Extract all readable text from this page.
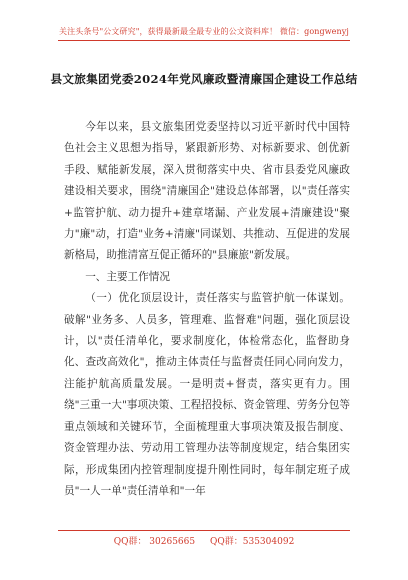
关注头条号"公文研究"，获得最新最全最专业的公文资料库！ 微信：gongwenyj
县文旅集团党委2024年党风廉政暨清廉国企建设工作总结

今年以来，县文旅集团党委坚持以习近平新时代中国特色社会主义思想为指导，紧跟新形势、对标新要求、创优新手段、赋能新发展，深入贯彻落实中央、省市县委党风廉政建设相关要求，围绕"清廉国企"建设总体部署，以"责任落实+监管护航、动力提升+建章堵漏、产业发展+清廉建设"聚力"廉"动，打造"业务+清廉"同谋划、共推动、互促进的发展新格局，助推清富互促正循环的"县廉旅"新发展。

一、主要工作情况

（一）优化顶层设计，责任落实与监管护航一体谋划。破解"业务多、人员多，管理难、监督难"问题，强化顶层设计，以"责任清单化，要求制度化，体检常态化，监督助身化、查改高效化"，推动主体责任与监督责任同心同向发力，注能护航高质量发展。一是明责+督责，落实更有力。围绕"三重一大"事项决策、工程招投标、资金管理、劳务分包等重点领域和关键环节，全面梳理重大事项决策及报告制度、资金管理办法、劳动用工管理办法等制度规定，结合集团实际，形成集团内控管理制度提升刚性同时，每年制定班子成员"一人一单"责任清单和"一年

QQ群： 30265665 QQ群：535304092
